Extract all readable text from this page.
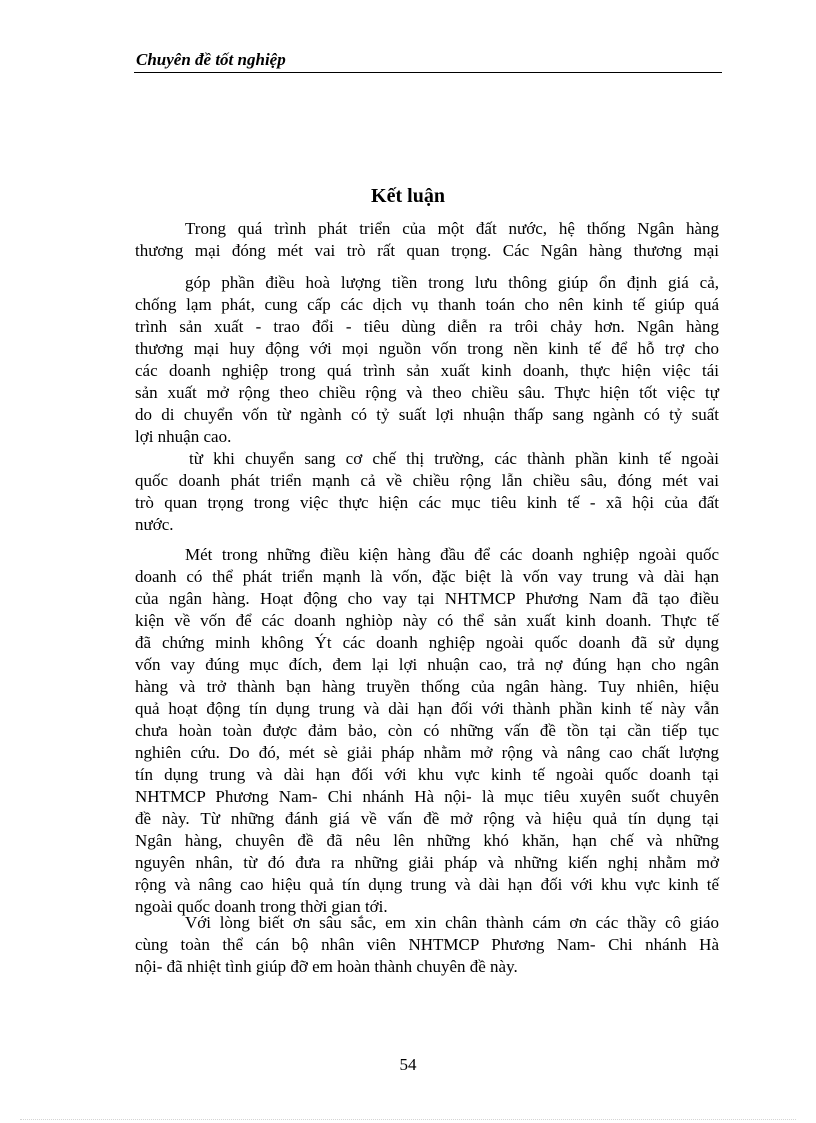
Chuyên đề tốt nghiệp
Kết luận
Trong quá trình phát triển của một đất nước, hệ thống Ngân hàng
thương mại đóng mét vai trò rất quan trọng. Các Ngân hàng thương mại
góp phần điều hoà lượng tiền trong lưu thông giúp ổn định giá cả,
chống lạm phát, cung cấp các dịch vụ thanh toán cho nên kinh tế giúp quá
trình sản xuất - trao đổi - tiêu dùng diễn ra trôi chảy hơn. Ngân hàng
thương mại huy động với mọi nguồn vốn trong nền kinh tế để hỗ trợ cho
các doanh nghiệp trong quá trình sản xuất kinh doanh, thực hiện việc tái
sản xuất mở rộng theo chiều rộng và theo chiều sâu. Thực hiện tốt việc tự
do di chuyển vốn từ ngành có tỷ suất lợi nhuận thấp sang ngành có tỷ suất
lợi nhuận cao.
từ khi chuyển sang cơ chế thị trường, các thành phần kinh tế ngoài
quốc doanh phát triển mạnh cả về chiều rộng lẫn chiều sâu, đóng mét vai
trò quan trọng trong việc thực hiện các mục tiêu kinh tế - xã hội của đất
nước.
Mét trong những điều kiện hàng đầu để các doanh nghiệp ngoài quốc
doanh có thể phát triển mạnh là vốn, đặc biệt là vốn vay trung và dài hạn
của ngân hàng. Hoạt động cho vay tại NHTMCP Phương Nam đã tạo điều
kiện về vốn để các doanh nghiòp này có thể sản xuất kinh doanh. Thực tế
đã chứng minh không Ýt các doanh nghiệp ngoài quốc doanh đã sử dụng
vốn vay đúng mục đích, đem lại lợi nhuận cao, trả nợ đúng hạn cho ngân
hàng và trở thành bạn hàng truyền thống của ngân hàng. Tuy nhiên, hiệu
quả hoạt động tín dụng trung và dài hạn đối với thành phần kinh tế này vẫn
chưa hoàn toàn được đảm bảo, còn có những vấn đề tồn tại cần tiếp tục
nghiên cứu. Do đó, mét sè giải pháp nhằm mở rộng và nâng cao chất lượng
tín dụng trung và dài hạn đối với khu vực kinh tế ngoài quốc doanh tại
NHTMCP Phương Nam- Chi nhánh Hà nội- là mục tiêu xuyên suốt chuyên
đề này. Từ những đánh giá về vấn đề mở rộng và hiệu quả tín dụng tại
Ngân hàng, chuyên đề đã nêu lên những khó khăn, hạn chế và những
nguyên nhân, từ đó đưa ra những giải pháp và những kiến nghị nhằm mở
rộng và nâng cao hiệu quả tín dụng trung và dài hạn đối với khu vực kinh tế
ngoài quốc doanh trong thời gian tới.
Với lòng biết ơn sâu sắc, em xin chân thành cám ơn các thầy cô giáo
cùng toàn thể cán bộ nhân viên NHTMCP Phương Nam- Chi nhánh Hà
nội- đã nhiệt tình giúp đỡ em hoàn thành chuyên đề này.
54
